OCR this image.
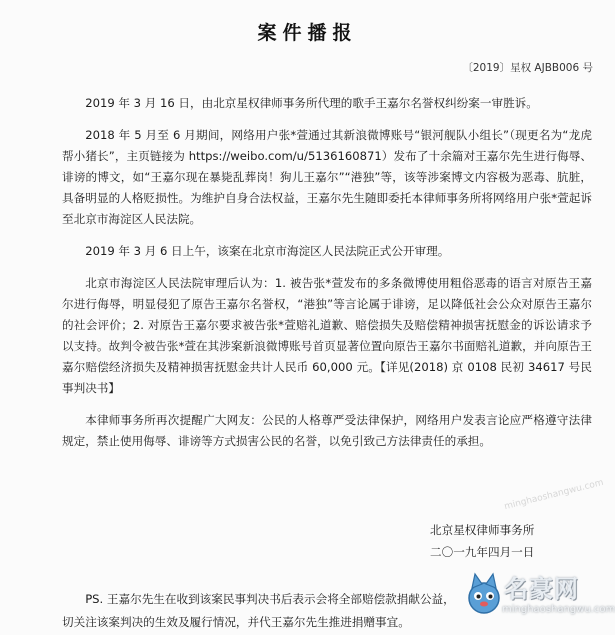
案件播报
〔2019〕星权 AJBB006 号

2019 年 3 月 16 日，由北京星权律师事务所代理的歌手王嘉尔名誉权纠纷案一审胜诉。

2018 年 5 月至 6 月期间，网络用户张*萱通过其新浪微博账号“银河舰队小组长”（现更名为“龙虎帮小猪长”，主页链接为 https://weibo.com/u/5136160871）发布了十余篇对王嘉尔先生进行侮辱、诽谤的博文，如“王嘉尔现在暴毙乱葬岗！狗儿王嘉尔”“港独”等，该等涉案博文内容极为恶毒、肮脏，具备明显的人格贬损性。为维护自身合法权益，王嘉尔先生随即委托本律师事务所将网络用户张*萱起诉至北京市海淀区人民法院。

2019 年 3 月 6 日上午，该案在北京市海淀区人民法院正式公开审理。

北京市海淀区人民法院审理后认为：1. 被告张*萱发布的多条微博使用粗俗恶毒的语言对原告王嘉尔进行侮辱，明显侵犯了原告王嘉尔名誉权，“港独”等言论属于诽谤，足以降低社会公众对原告王嘉尔的社会评价；2. 对原告王嘉尔要求被告张*萱赔礼道歉、赔偿损失及赔偿精神损害抚慰金的诉讼请求予以支持。故判令被告张*萱在其涉案新浪微博账号首页显著位置向原告王嘉尔书面赔礼道歉，并向原告王嘉尔赔偿经济损失及精神损害抚慰金共计人民币 60,000 元。【详见(2018) 京 0108 民初 34617 号民事判决书】

本律师事务所再次提醒广大网友：公民的人格尊严受法律保护，网络用户发表言论应严格遵守法律规定，禁止使用侮辱、诽谤等方式损害公民的名誉，以免引致己方法律责任的承担。

北京星权律师事务所
二〇一九年四月一日
PS. 王嘉尔先生在收到该案民事判决书后表示会将全部赔偿款捐献公益，切关注该案判决的生效及履行情况，并代王嘉尔先生推进捐赠事宜。
minghaoshangwu.com
名豪网
minghaoshangwu.com
